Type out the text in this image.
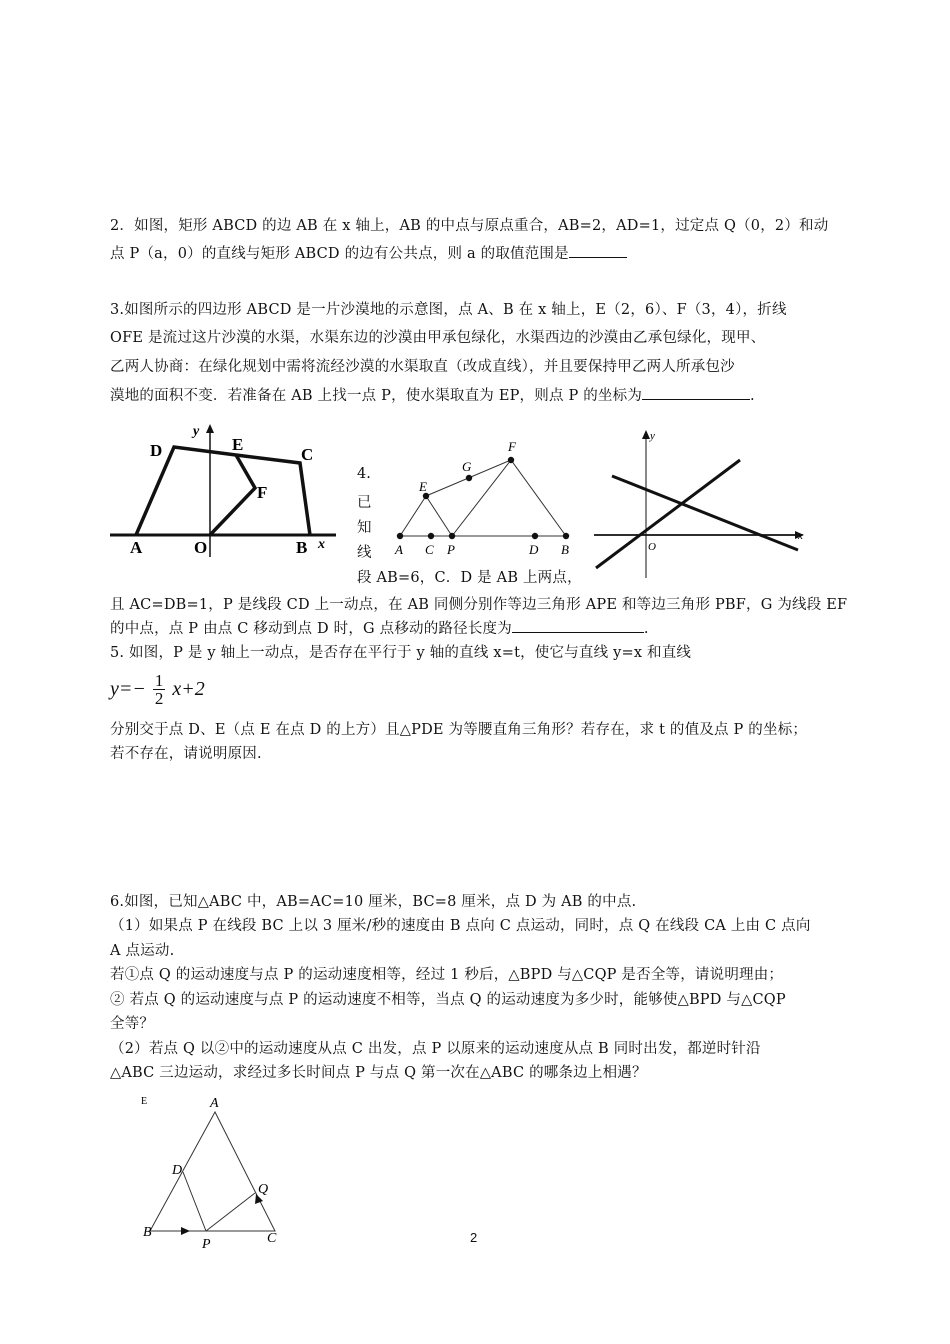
2．如图，矩形 ABCD 的边 AB 在 x 轴上，AB 的中点与原点重合，AB=2，AD=1，过定点 Q（0，2）和动
点 P（a，0）的直线与矩形 ABCD 的边有公共点，则 a 的取值范围是
3.如图所示的四边形 ABCD 是一片沙漠地的示意图，点 A、B 在 x 轴上，E（2，6）、F（3，4），折线
OFE 是流过这片沙漠的水渠，水渠东边的沙漠由甲承包绿化，水渠西边的沙漠由乙承包绿化，现甲、
乙两人协商：在绿化规划中需将流经沙漠的水渠取直（改成直线），并且要保持甲乙两人所承包沙
漠地的面积不变．若准备在 AB 上找一点 P，使水渠取直为 EP，则点 P 的坐标为	.
D	E
C
F
A	O	B
y
x
4.
已
知
线
段 AB=6，C．D 是 AB 上两点，
F
G
E
A C P	D B
y
x
O
且 AC=DB=1，P 是线段 CD 上一动点，在 AB 同侧分别作等边三角形 APE 和等边三角形 PBF，G 为线段 EF
的中点，点 P 由点 C 移动到点 D 时，G 点移动的路径长度为	.
5. 如图，P 是 y 轴上一动点，是否存在平行于 y 轴的直线 x=t，使它与直线 y=x 和直线
$y=- \frac{1}{2} x+2$
分别交于点 D、E（点 E 在点 D 的上方）且△PDE 为等腰直角三角形？若存在，求 t 的值及点 P 的坐标；
若不存在，请说明原因.
6.如图，已知△ABC 中，AB=AC=10 厘米，BC=8 厘米，点 D 为 AB 的中点.
（1）如果点 P 在线段 BC 上以 3 厘米/秒的速度由 B 点向 C 点运动，同时，点 Q 在线段 CA 上由 C 点向
A 点运动.
若①点 Q 的运动速度与点 P 的运动速度相等，经过 1 秒后，△BPD 与△CQP 是否全等，请说明理由；
② 若点 Q 的运动速度与点 P 的运动速度不相等，当点 Q 的运动速度为多少时，能够使△BPD 与△CQP
全等？
（2）若点 Q 以②中的运动速度从点 C 出发，点 P 以原来的运动速度从点 B 同时出发，都逆时针沿
△ABC 三边运动，求经过多长时间点 P 与点 Q 第一次在△ABC 的哪条边上相遇？
E	A
D
Q
B
P	C	2
